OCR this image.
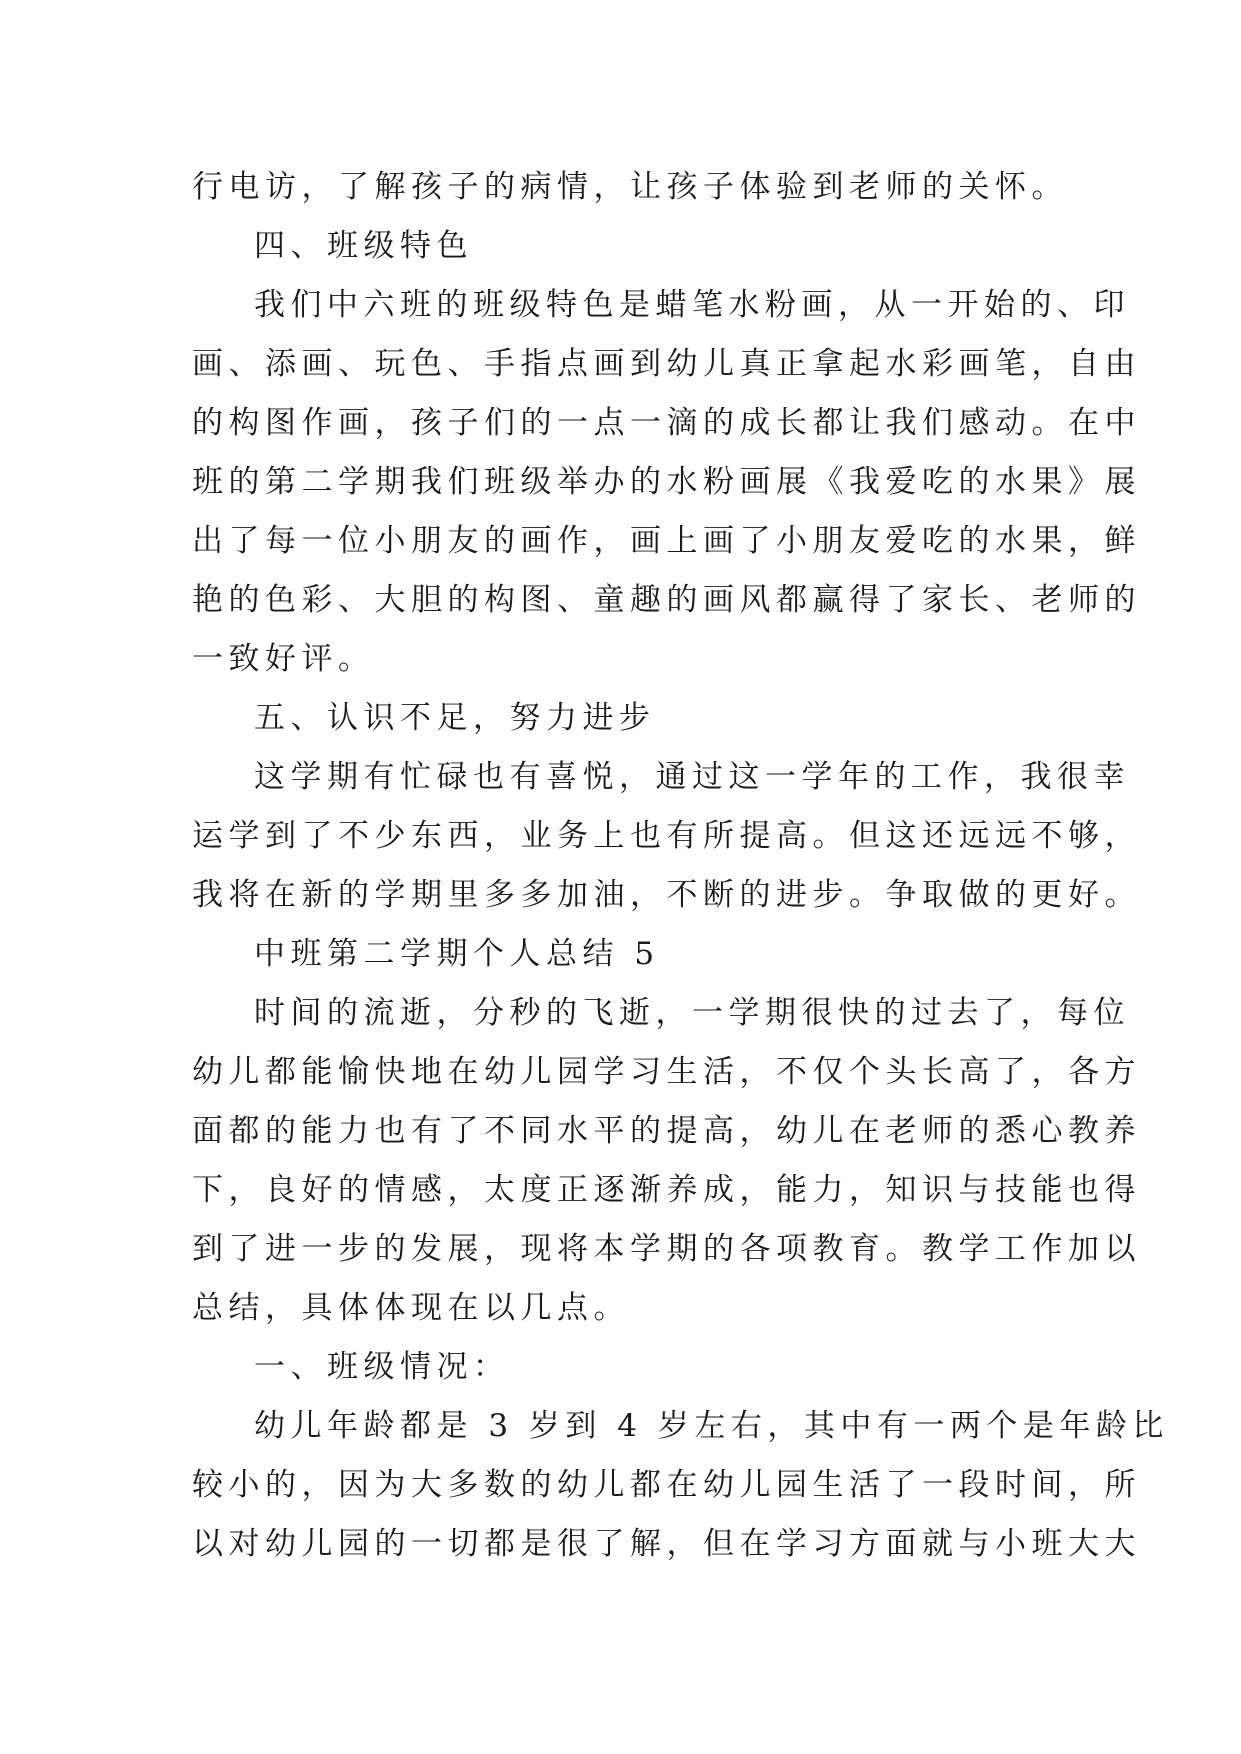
行电访，了解孩子的病情，让孩子体验到老师的关怀。
四、班级特色
我们中六班的班级特色是蜡笔水粉画，从一开始的、印
画、添画、玩色、手指点画到幼儿真正拿起水彩画笔，自由
的构图作画，孩子们的一点一滴的成长都让我们感动。在中
班的第二学期我们班级举办的水粉画展《我爱吃的水果》展
出了每一位小朋友的画作，画上画了小朋友爱吃的水果，鲜
艳的色彩、大胆的构图、童趣的画风都赢得了家长、老师的
一致好评。
五、认识不足，努力进步
这学期有忙碌也有喜悦，通过这一学年的工作，我很幸
运学到了不少东西，业务上也有所提高。但这还远远不够，
我将在新的学期里多多加油，不断的进步。争取做的更好。
中班第二学期个人总结 5
时间的流逝，分秒的飞逝，一学期很快的过去了，每位
幼儿都能愉快地在幼儿园学习生活，不仅个头长高了，各方
面都的能力也有了不同水平的提高，幼儿在老师的悉心教养
下，良好的情感，太度正逐渐养成，能力，知识与技能也得
到了进一步的发展，现将本学期的各项教育。教学工作加以
总结，具体体现在以几点。
一、班级情况：
幼儿年龄都是 3 岁到 4 岁左右，其中有一两个是年龄比
较小的，因为大多数的幼儿都在幼儿园生活了一段时间，所
以对幼儿园的一切都是很了解，但在学习方面就与小班大大
